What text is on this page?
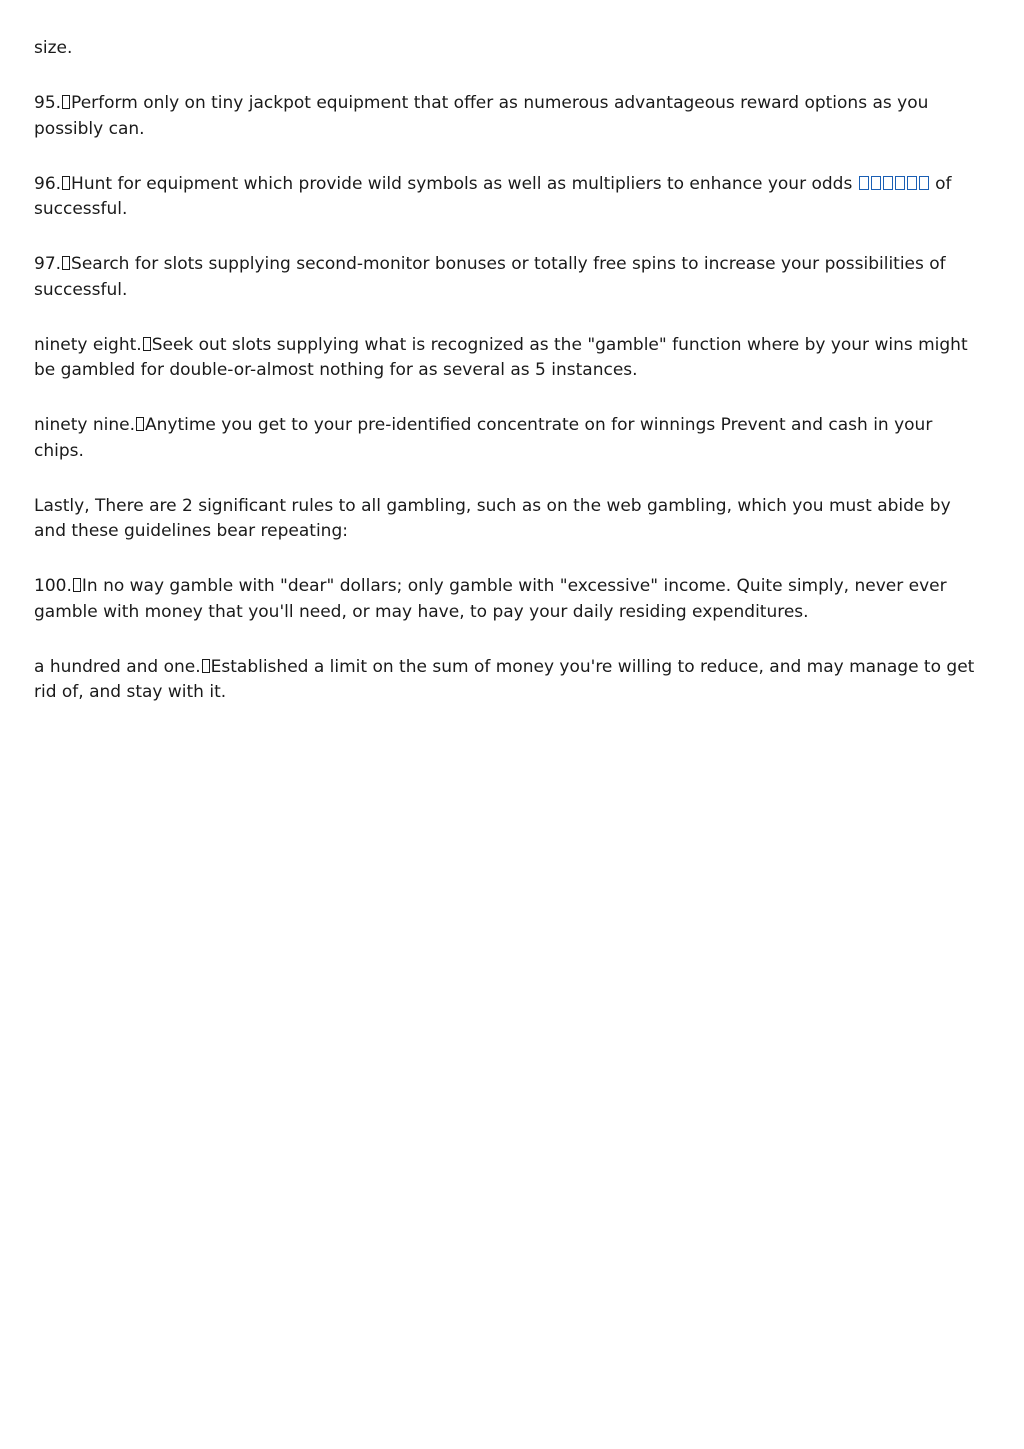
size.

95. Perform only on tiny jackpot equipment that offer as numerous advantageous reward options as you possibly can.

96. Hunt for equipment which provide wild symbols as well as multipliers to enhance your odds	of successful.

97. Search for slots supplying second-monitor bonuses or totally free spins to increase your possibilities of successful.

ninety eight. Seek out slots supplying what is recognized as the "gamble" function where by your wins might be gambled for double-or-almost nothing for as several as 5 instances.

ninety nine. Anytime you get to your pre-identified concentrate on for winnings Prevent and cash in your chips.

Lastly, There are 2 significant rules to all gambling, such as on the web gambling, which you must abide by and these guidelines bear repeating:

100. In no way gamble with "dear" dollars; only gamble with "excessive" income. Quite simply, never ever gamble with money that you'll need, or may have, to pay your daily residing expenditures.

a hundred and one. Established a limit on the sum of money you're willing to reduce, and may manage to get rid of, and stay with it.
